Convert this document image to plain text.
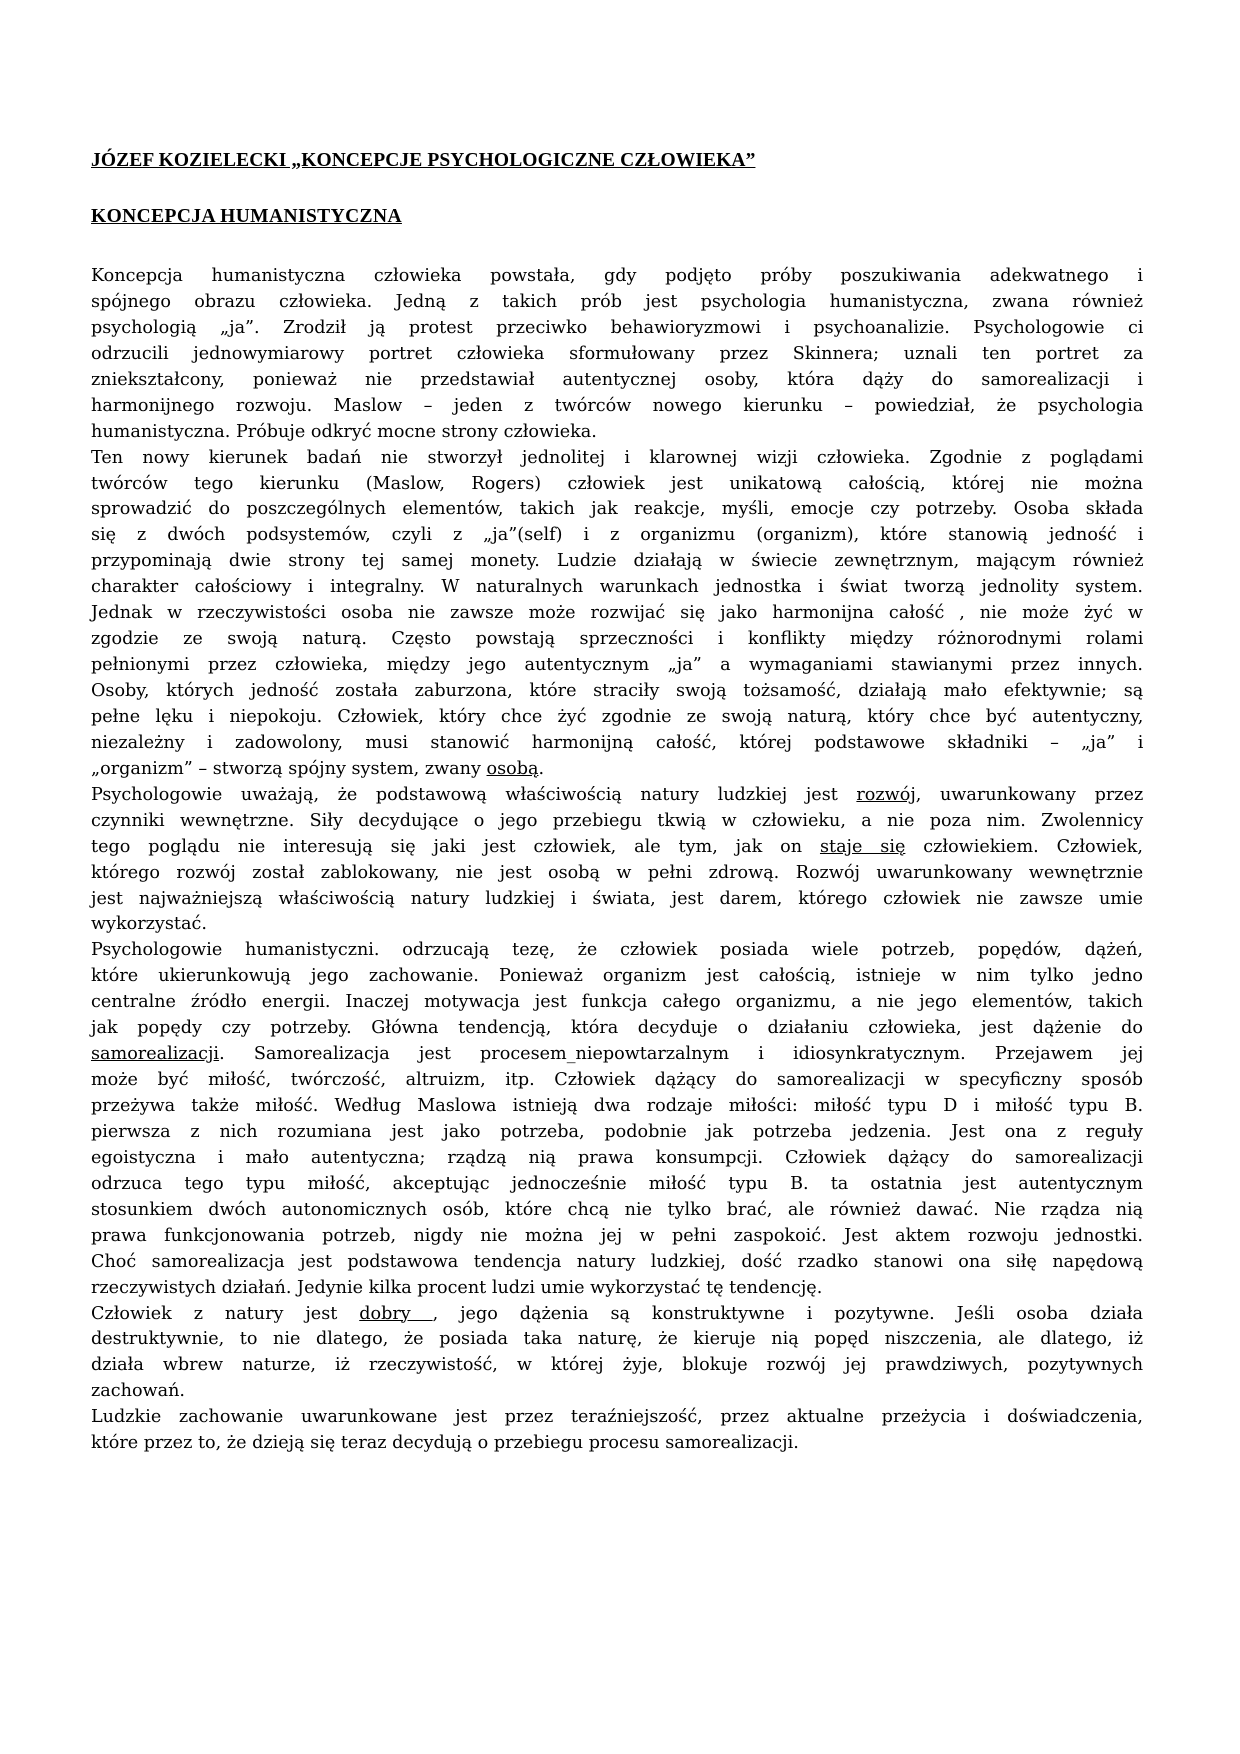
JÓZEF KOZIELECKI „KONCEPCJE PSYCHOLOGICZNE CZŁOWIEKA”
KONCEPCJA HUMANISTYCZNA
Koncepcja humanistyczna człowieka powstała, gdy podjęto próby poszukiwania adekwatnego i
spójnego obrazu człowieka. Jedną z takich prób jest psychologia humanistyczna, zwana również
psychologią „ja”. Zrodził ją protest przeciwko behawioryzmowi i psychoanalizie. Psychologowie ci
odrzucili jednowymiarowy portret człowieka sformułowany przez Skinnera; uznali ten portret za
zniekształcony, ponieważ nie przedstawiał autentycznej osoby, która dąży do samorealizacji i
harmonijnego rozwoju. Maslow – jeden z twórców nowego kierunku – powiedział, że psychologia
humanistyczna. Próbuje odkryć mocne strony człowieka.
Ten nowy kierunek badań nie stworzył jednolitej i klarownej wizji człowieka. Zgodnie z poglądami
twórców tego kierunku (Maslow, Rogers) człowiek jest unikatową całością, której nie można
sprowadzić do poszczególnych elementów, takich jak reakcje, myśli, emocje czy potrzeby. Osoba składa
się z dwóch podsystemów, czyli z „ja”(self) i z organizmu (organizm), które stanowią jedność i
przypominają dwie strony tej samej monety. Ludzie działają w świecie zewnętrznym, mającym również
charakter całościowy i integralny. W naturalnych warunkach jednostka i świat tworzą jednolity system.
Jednak w rzeczywistości osoba nie zawsze może rozwijać się jako harmonijna całość , nie może żyć w
zgodzie ze swoją naturą. Często powstają sprzeczności i konflikty między różnorodnymi rolami
pełnionymi przez człowieka, między jego autentycznym „ja” a wymaganiami stawianymi przez innych.
Osoby, których jedność została zaburzona, które straciły swoją tożsamość, działają mało efektywnie; są
pełne lęku i niepokoju. Człowiek, który chce żyć zgodnie ze swoją naturą, który chce być autentyczny,
niezależny i zadowolony, musi stanowić harmonijną całość, której podstawowe składniki – „ja” i
„organizm” – stworzą spójny system, zwany osobą.
Psychologowie uważają, że podstawową właściwością natury ludzkiej jest rozwój, uwarunkowany przez
czynniki wewnętrzne. Siły decydujące o jego przebiegu tkwią w człowieku, a nie poza nim. Zwolennicy
tego poglądu nie interesują się jaki jest człowiek, ale tym, jak on staje się człowiekiem. Człowiek,
którego rozwój został zablokowany, nie jest osobą w pełni zdrową. Rozwój uwarunkowany wewnętrznie
jest najważniejszą właściwością natury ludzkiej i świata, jest darem, którego człowiek nie zawsze umie
wykorzystać.
Psychologowie humanistyczni. odrzucają tezę, że człowiek posiada wiele potrzeb, popędów, dążeń,
które ukierunkowują jego zachowanie. Ponieważ organizm jest całością, istnieje w nim tylko jedno
centralne źródło energii. Inaczej motywacja jest funkcja całego organizmu, a nie jego elementów, takich
jak popędy czy potrzeby. Główna tendencją, która decyduje o działaniu człowieka, jest dążenie do
samorealizacji. Samorealizacja jest procesem_niepowtarzalnym i idiosynkratycznym. Przejawem jej
może być miłość, twórczość, altruizm, itp. Człowiek dążący do samorealizacji w specyficzny sposób
przeżywa także miłość. Według Maslowa istnieją dwa rodzaje miłości: miłość typu D i miłość typu B.
pierwsza z nich rozumiana jest jako potrzeba, podobnie jak potrzeba jedzenia. Jest ona z reguły
egoistyczna i mało autentyczna; rządzą nią prawa konsumpcji. Człowiek dążący do samorealizacji
odrzuca tego typu miłość, akceptując jednocześnie miłość typu B. ta ostatnia jest autentycznym
stosunkiem dwóch autonomicznych osób, które chcą nie tylko brać, ale również dawać. Nie rządza nią
prawa funkcjonowania potrzeb, nigdy nie można jej w pełni zaspokoić. Jest aktem rozwoju jednostki.
Choć samorealizacja jest podstawowa tendencja natury ludzkiej, dość rzadko stanowi ona siłę napędową
rzeczywistych działań. Jedynie kilka procent ludzi umie wykorzystać tę tendencję.
Człowiek z natury jest dobry , jego dążenia są konstruktywne i pozytywne. Jeśli osoba działa
destruktywnie, to nie dlatego, że posiada taka naturę, że kieruje nią popęd niszczenia, ale dlatego, iż
działa wbrew naturze, iż rzeczywistość, w której żyje, blokuje rozwój jej prawdziwych, pozytywnych
zachowań.
Ludzkie zachowanie uwarunkowane jest przez teraźniejszość, przez aktualne przeżycia i doświadczenia,
które przez to, że dzieją się teraz decydują o przebiegu procesu samorealizacji.
